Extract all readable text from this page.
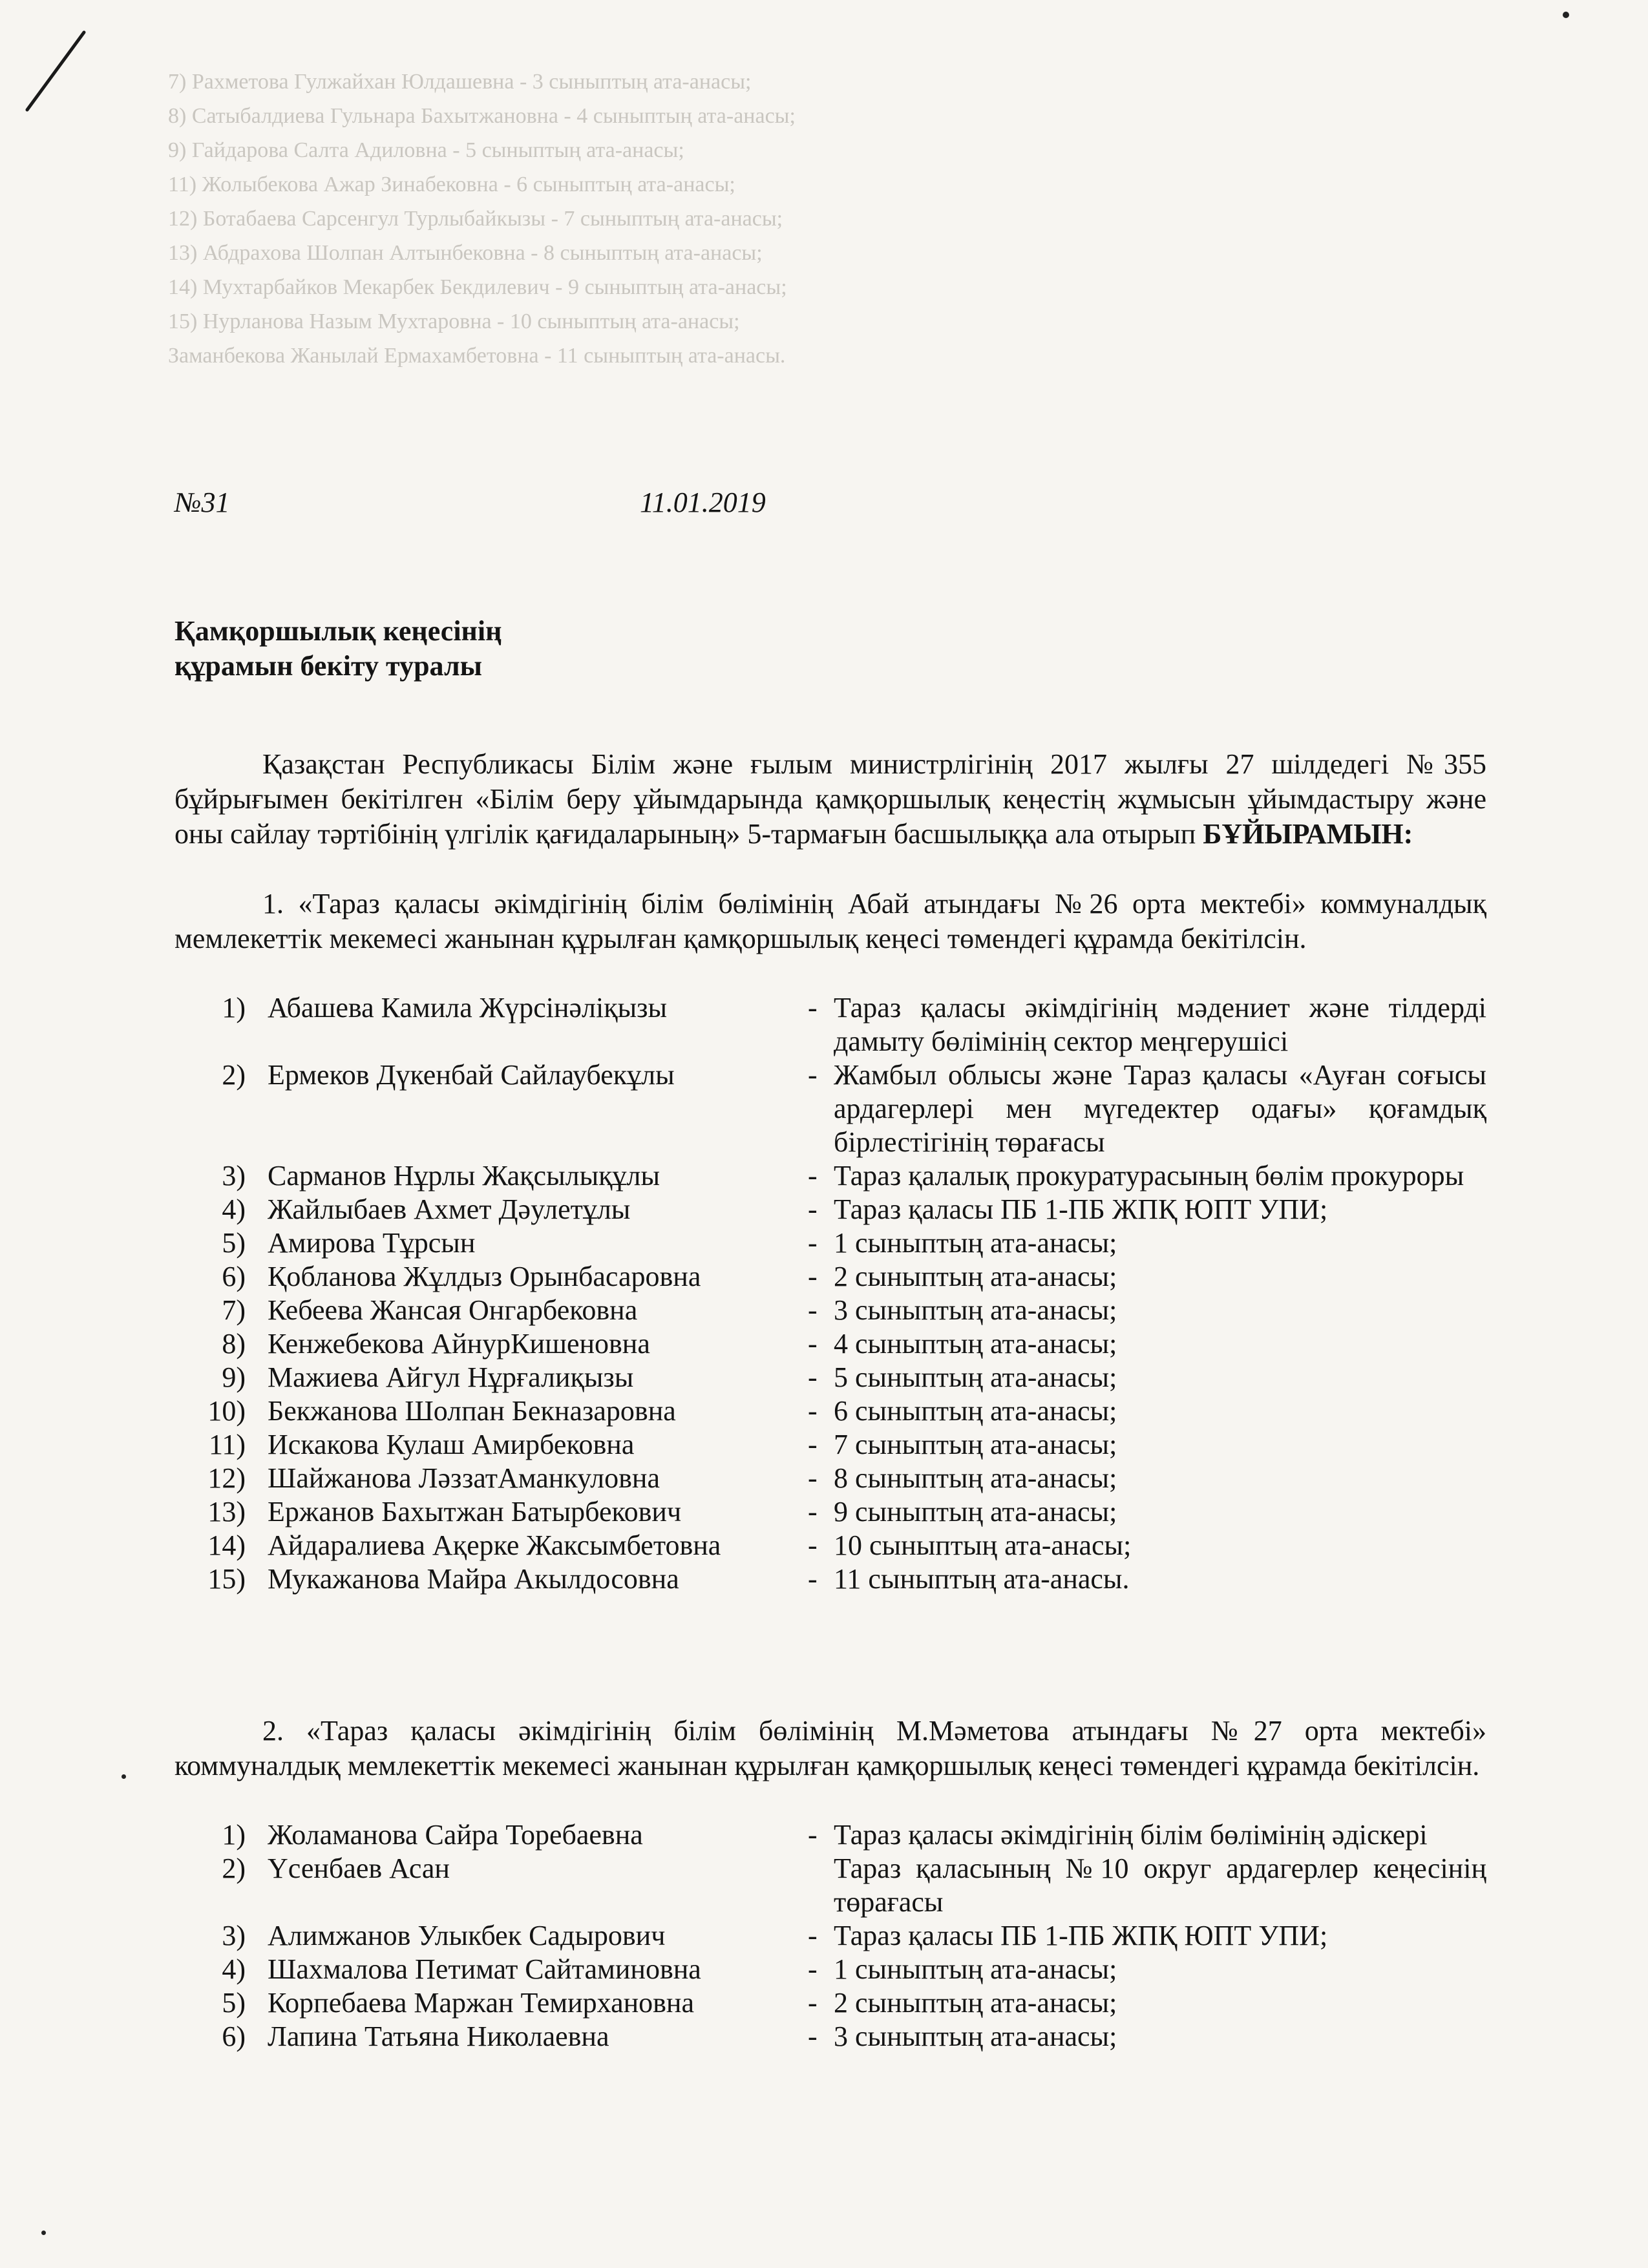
7) Рахметова Гулжайхан Юлдашевна - 3 сыныптың ата-анасы;
8) Сатыбалдиева Гульнара Бахытжановна - 4 сыныптың ата-анасы;
9) Гайдарова Салта Адиловна - 5 сыныптың ата-анасы;
11) Жолыбекова Ажар Зинабековна - 6 сыныптың ата-анасы;
12) Ботабаева Сарсенгул Турлыбайкызы - 7 сыныптың ата-анасы;
13) Абдрахова Шолпан Алтынбековна - 8 сыныптың ата-анасы;
14) Мухтарбайков Мекарбек Бекдилевич - 9 сыныптың ата-анасы;
15) Нурланова Назым Мухтаровна - 10 сыныптың ата-анасы;
Заманбекова Жанылай Ермахамбетовна - 11 сыныптың ата-анасы.
№31	11.01.2019
Қамқоршылық кеңесінің
құрамын бекіту туралы
Қазақстан Республикасы Білім және ғылым министрлігінің 2017 жылғы 27 шілдедегі №355 бұйрығымен бекітілген «Білім беру ұйымдарында қамқоршылық кеңестің жұмысын ұйымдастыру және оны сайлау тәртібінің үлгілік қағидаларының» 5-тармағын басшылыққа ала отырып БҰЙЫРАМЫН:
1. «Тараз қаласы әкімдігінің білім бөлімінің Абай атындағы №26 орта мектебі» коммуналдық мемлекеттік мекемесі жанынан құрылған қамқоршылық кеңесі төмендегі құрамда бекітілсін.
1) Абашева Камила Жүрсінәліқызы	- Тараз қаласы әкімдігінің мәдениет және тілдерді дамыту бөлімінің сектор меңгерушісі
2) Ермеков Дүкенбай Сайлаубекұлы	- Жамбыл облысы және Тараз қаласы «Ауған соғысы ардагерлері мен мүгедектер одағы» қоғамдық бірлестігінің төрағасы
3) Сарманов Нұрлы Жақсылықұлы	- Тараз қалалық прокуратурасының бөлім прокуроры
4) Жайлыбаев Ахмет Дәулетұлы	- Тараз қаласы ПБ 1-ПБ ЖПҚ ЮПТ УПИ;
5) Амирова Тұрсын	- 1 сыныптың ата-анасы;
6) Қобланова Жұлдыз Орынбасаровна	- 2 сыныптың ата-анасы;
7) Кебеева Жансая Онгарбековна	- 3 сыныптың ата-анасы;
8) Кенжебекова АйнурКишеновна	- 4 сыныптың ата-анасы;
9) Мажиева Айгул Нұрғалиқызы	- 5 сыныптың ата-анасы;
10) Бекжанова Шолпан Бекназаровна	- 6 сыныптың ата-анасы;
11) Искакова Кулаш Амирбековна	- 7 сыныптың ата-анасы;
12) Шайжанова ЛәззатАманкуловна	- 8 сыныптың ата-анасы;
13) Ержанов Бахытжан Батырбекович	- 9 сыныптың ата-анасы;
14) Айдаралиева Ақерке Жаксымбетовна	- 10 сыныптың ата-анасы;
15) Мукажанова Майра Акылдосовна	- 11 сыныптың ата-анасы.
2. «Тараз қаласы әкімдігінің білім бөлімінің М.Мәметова атындағы №27 орта мектебі» коммуналдық мемлекеттік мекемесі жанынан құрылған қамқоршылық кеңесі төмендегі құрамда бекітілсін.
1) Жоламанова Сайра Торебаевна	- Тараз қаласы әкімдігінің білім бөлімінің әдіскері
2) Үсенбаев Асан	Тараз қаласының №10 округ ардагерлер кеңесінің төрағасы
3) Алимжанов Улыкбек Садырович	- Тараз қаласы ПБ 1-ПБ ЖПҚ ЮПТ УПИ;
4) Шахмалова Петимат Сайтаминовна	- 1 сыныптың ата-анасы;
5) Корпебаева Маржан Темирхановна	- 2 сыныптың ата-анасы;
6) Лапина Татьяна Николаевна	- 3 сыныптың ата-анасы;
